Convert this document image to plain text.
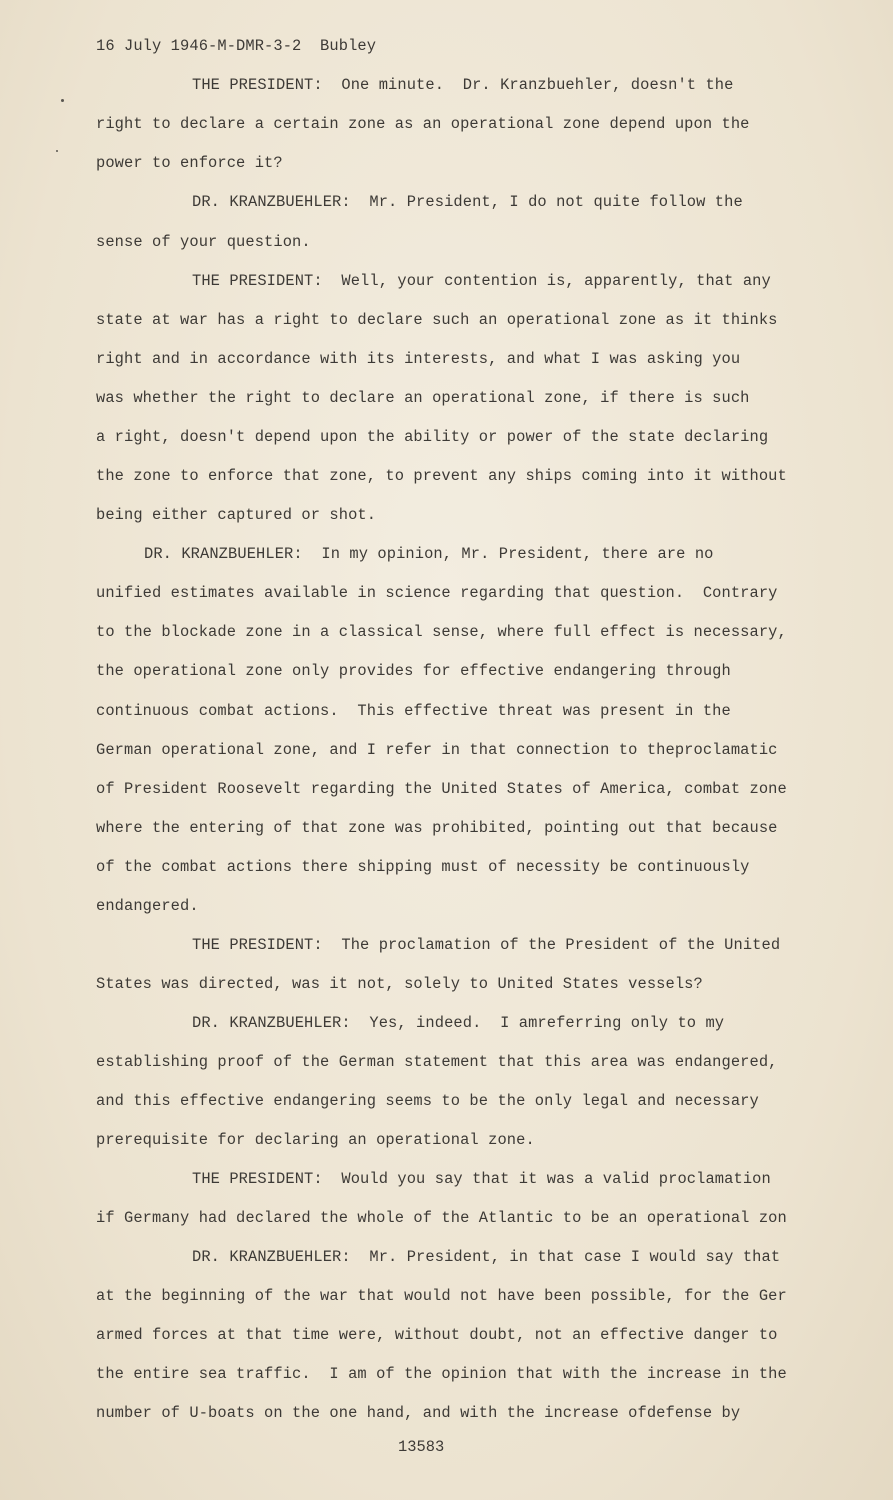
16 July 1946-M-DMR-3-2  Bubley
THE PRESIDENT:  One minute.  Dr. Kranzbuehler, doesn't the
right to declare a certain zone as an operational zone depend upon the
power to enforce it?
DR. KRANZBUEHLER:  Mr. President, I do not quite follow the
sense of your question.
THE PRESIDENT:  Well, your contention is, apparently, that any
state at war has a right to declare such an operational zone as it thinks
right and in accordance with its interests, and what I was asking you
was whether the right to declare an operational zone, if there is such
a right, doesn't depend upon the ability or power of the state declaring
the zone to enforce that zone, to prevent any ships coming into it without
being either captured or shot.
DR. KRANZBUEHLER:  In my opinion, Mr. President, there are no
unified estimates available in science regarding that question.  Contrary
to the blockade zone in a classical sense, where full effect is necessary,
the operational zone only provides for effective endangering through
continuous combat actions.  This effective threat was present in the
German operational zone, and I refer in that connection to theproclamatic
of President Roosevelt regarding the United States of America, combat zone
where the entering of that zone was prohibited, pointing out that because
of the combat actions there shipping must of necessity be continuously
endangered.
THE PRESIDENT:  The proclamation of the President of the United
States was directed, was it not, solely to United States vessels?
DR. KRANZBUEHLER:  Yes, indeed.  I amreferring only to my
establishing proof of the German statement that this area was endangered,
and this effective endangering seems to be the only legal and necessary
prerequisite for declaring an operational zone.
THE PRESIDENT:  Would you say that it was a valid proclamation
if Germany had declared the whole of the Atlantic to be an operational zon
DR. KRANZBUEHLER:  Mr. President, in that case I would say that
at the beginning of the war that would not have been possible, for the Ger
armed forces at that time were, without doubt, not an effective danger to
the entire sea traffic.  I am of the opinion that with the increase in the
number of U-boats on the one hand, and with the increase ofdefense by
13583
